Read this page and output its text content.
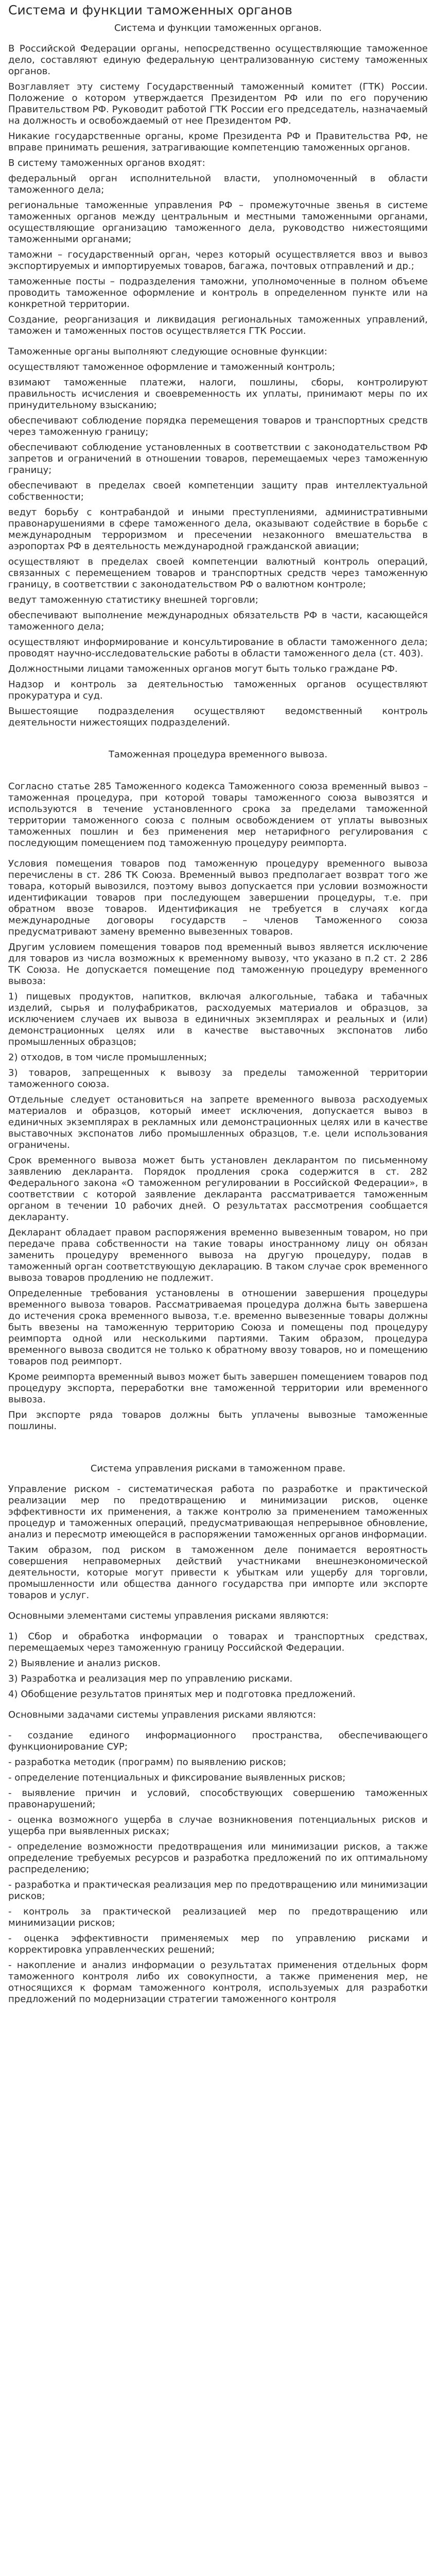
Система и функции таможенных органов

Система и функции таможенных органов.

В Российской Федерации органы, непосредственно осуществляющие таможенное дело, составляют единую федеральную централизованную систему таможенных органов.

Возглавляет эту систему Государственный таможенный комитет (ГТК) России. Положение о котором утверждается Президентом РФ или по его поручению Правительством РФ. Руководит работой ГТК России его председатель, назначаемый на должность и освобождаемый от нее Президентом РФ.

Никакие государственные органы, кроме Президента РФ и Правительства РФ, не вправе принимать решения, затрагивающие компетенцию таможенных органов.

В систему таможенных органов входят:

федеральный орган исполнительной власти, уполномоченный в области таможенного дела;

региональные таможенные управления РФ – промежуточные звенья в системе таможенных органов между центральным и местными таможенными органами, осуществляющие организацию таможенного дела, руководство нижестоящими таможенными органами;

таможни – государственный орган, через который осуществляется ввоз и вывоз экспортируемых и импортируемых товаров, багажа, почтовых отправлений и др.;

таможенные посты – подразделения таможни, уполномоченные в полном объеме проводить таможенное оформление и контроль в определенном пункте или на конкретной территории.

Создание, реорганизация и ликвидация региональных таможенных управлений, таможен и таможенных постов осуществляется ГТК России.

Таможенные органы выполняют следующие основные функции:

осуществляют таможенное оформление и таможенный контроль;

взимают таможенные платежи, налоги, пошлины, сборы, контролируют правильность исчисления и своевременность их уплаты, принимают меры по их принудительному взысканию;

обеспечивают соблюдение порядка перемещения товаров и транспортных средств через таможенную границу;

обеспечивают соблюдение установленных в соответствии с законодательством РФ запретов и ограничений в отношении товаров, перемещаемых через таможенную границу;

обеспечивают в пределах своей компетенции защиту прав интеллектуальной собственности;

ведут борьбу с контрабандой и иными преступлениями, административными правонарушениями в сфере таможенного дела, оказывают содействие в борьбе с международным терроризмом и пресечении незаконного вмешательства в аэропортах РФ в деятельность международной гражданской авиации;

осуществляют в пределах своей компетенции валютный контроль операций, связанных с перемещением товаров и транспортных средств через таможенную границу, в соответствии с законодательством РФ о валютном контроле;

ведут таможенную статистику внешней торговли;

обеспечивают выполнение международных обязательств РФ в части, касающейся таможенного дела;

осуществляют информирование и консультирование в области таможенного дела; проводят научно-исследовательские работы в области таможенного дела (ст. 403).

Должностными лицами таможенных органов могут быть только граждане РФ.

Надзор и контроль за деятельностью таможенных органов осуществляют прокуратура и суд.

Вышестоящие подразделения осуществляют ведомственный контроль деятельности нижестоящих подразделений.

Таможенная процедура временного вывоза.

Согласно статье 285 Таможенного кодекса Таможенного союза временный вывоз – таможенная процедура, при которой товары таможенного союза вывозятся и используются в течение установленного срока за пределами таможенной территории таможенного союза с полным освобождением от уплаты вывозных таможенных пошлин и без применения мер нетарифного регулирования с последующим помещением под таможенную процедуру реимпорта.

Условия помещения товаров под таможенную процедуру временного вывоза перечислены в ст. 286 ТК Союза. Временный вывоз предполагает возврат того же товара, который вывозился, поэтому вывоз допускается при условии возможности идентификации товаров при последующем завершении процедуры, т.е. при обратном ввозе товаров. Идентификация не требуется в случаях когда международные договоры государств – членов Таможенного союза предусматривают замену временно вывезенных товаров.

Другим условием помещения товаров под временный вывоз является исключение для товаров из числа возможных к временному вывозу, что указано в п.2 ст. 2 286 ТК Союза. Не допускается помещение под таможенную процедуру временного вывоза:

1) пищевых продуктов, напитков, включая алкогольные, табака и табачных изделий, сырья и полуфабрикатов, расходуемых материалов и образцов, за исключением случаев их вывоза в единичных экземплярах и реальных и (или) демонстрационных целях или в качестве выставочных экспонатов либо промышленных образцов;

2) отходов, в том числе промышленных;

3) товаров, запрещенных к вывозу за пределы таможенной территории таможенного союза.

Отдельные следует остановиться на запрете временного вывоза расходуемых материалов и образцов, который имеет исключения, допускается вывоз в единичных экземплярах в рекламных или демонстрационных целях или в качестве выставочных экспонатов либо промышленных образцов, т.е. цели использования ограничены.

Срок временного вывоза может быть установлен декларантом по письменному заявлению декларанта. Порядок продления срока содержится в ст. 282 Федерального закона «О таможенном регулировании в Российской Федерации», в соответствии с которой заявление декларанта рассматривается таможенным органом в течении 10 рабочих дней. О результатах рассмотрения сообщается декларанту.

Декларант обладает правом распоряжения временно вывезенным товаром, но при передаче права собственности на такие товары иностранному лицу он обязан заменить процедуру временного вывоза на другую процедуру, подав в таможенный орган соответствующую декларацию. В таком случае срок временного вывоза товаров продлению не подлежит.

Определенные требования установлены в отношении завершения процедуры временного вывоза товаров. Рассматриваемая процедура должна быть завершена до истечения срока временного вывоза, т.е. временно вывезенные товары должны быть ввезены на таможенную территорию Союза и помещены под процедуру реимпорта одной или несколькими партиями. Таким образом, процедура временного вывоза сводится не только к обратному ввозу товаров, но и помещению товаров под реимпорт.

Кроме реимпорта временный вывоз может быть завершен помещением товаров под процедуру экспорта, переработки вне таможенной территории или временного вывоза.

При экспорте ряда товаров должны быть уплачены вывозные таможенные пошлины.

Система управления рисками в таможенном праве.

Управление риском - систематическая работа по разработке и практической реализации мер по предотвращению и минимизации рисков, оценке эффективности их применения, а также контролю за применением таможенных процедур и таможенных операций, предусматривающая непрерывное обновление, анализ и пересмотр имеющейся в распоряжении таможенных органов информации.

Таким образом, под риском в таможенном деле понимается вероятность совершения неправомерных действий участниками внешнеэкономической деятельности, которые могут привести к убыткам или ущербу для торговли, промышленности или общества данного государства при импорте или экспорте товаров и услуг.

Основными элементами системы управления рисками являются:

1) Сбор и обработка информации о товарах и транспортных средствах, перемещаемых через таможенную границу Российской Федерации.

2) Выявление и анализ рисков.

3) Разработка и реализация мер по управлению рисками.

4) Обобщение результатов принятых мер и подготовка предложений.

Основными задачами системы управления рисками являются:

- создание единого информационного пространства, обеспечивающего функционирование СУР;

- разработка методик (программ) по выявлению рисков;

- определение потенциальных и фиксирование выявленных рисков;

- выявление причин и условий, способствующих совершению таможенных правонарушений;

- оценка возможного ущерба в случае возникновения потенциальных рисков и ущерба при выявленных рисках;

- определение возможности предотвращения или минимизации рисков, а также определение требуемых ресурсов и разработка предложений по их оптимальному распределению;

- разработка и практическая реализация мер по предотвращению или минимизации рисков;

- контроль за практической реализацией мер по предотвращению или минимизации рисков;

- оценка эффективности применяемых мер по управлению рисками и корректировка управленческих решений;

- накопление и анализ информации о результатах применения отдельных форм таможенного контроля либо их совокупности, а также применения мер, не относящихся к формам таможенного контроля, используемых для разработки предложений по модернизации стратегии таможенного контроля
